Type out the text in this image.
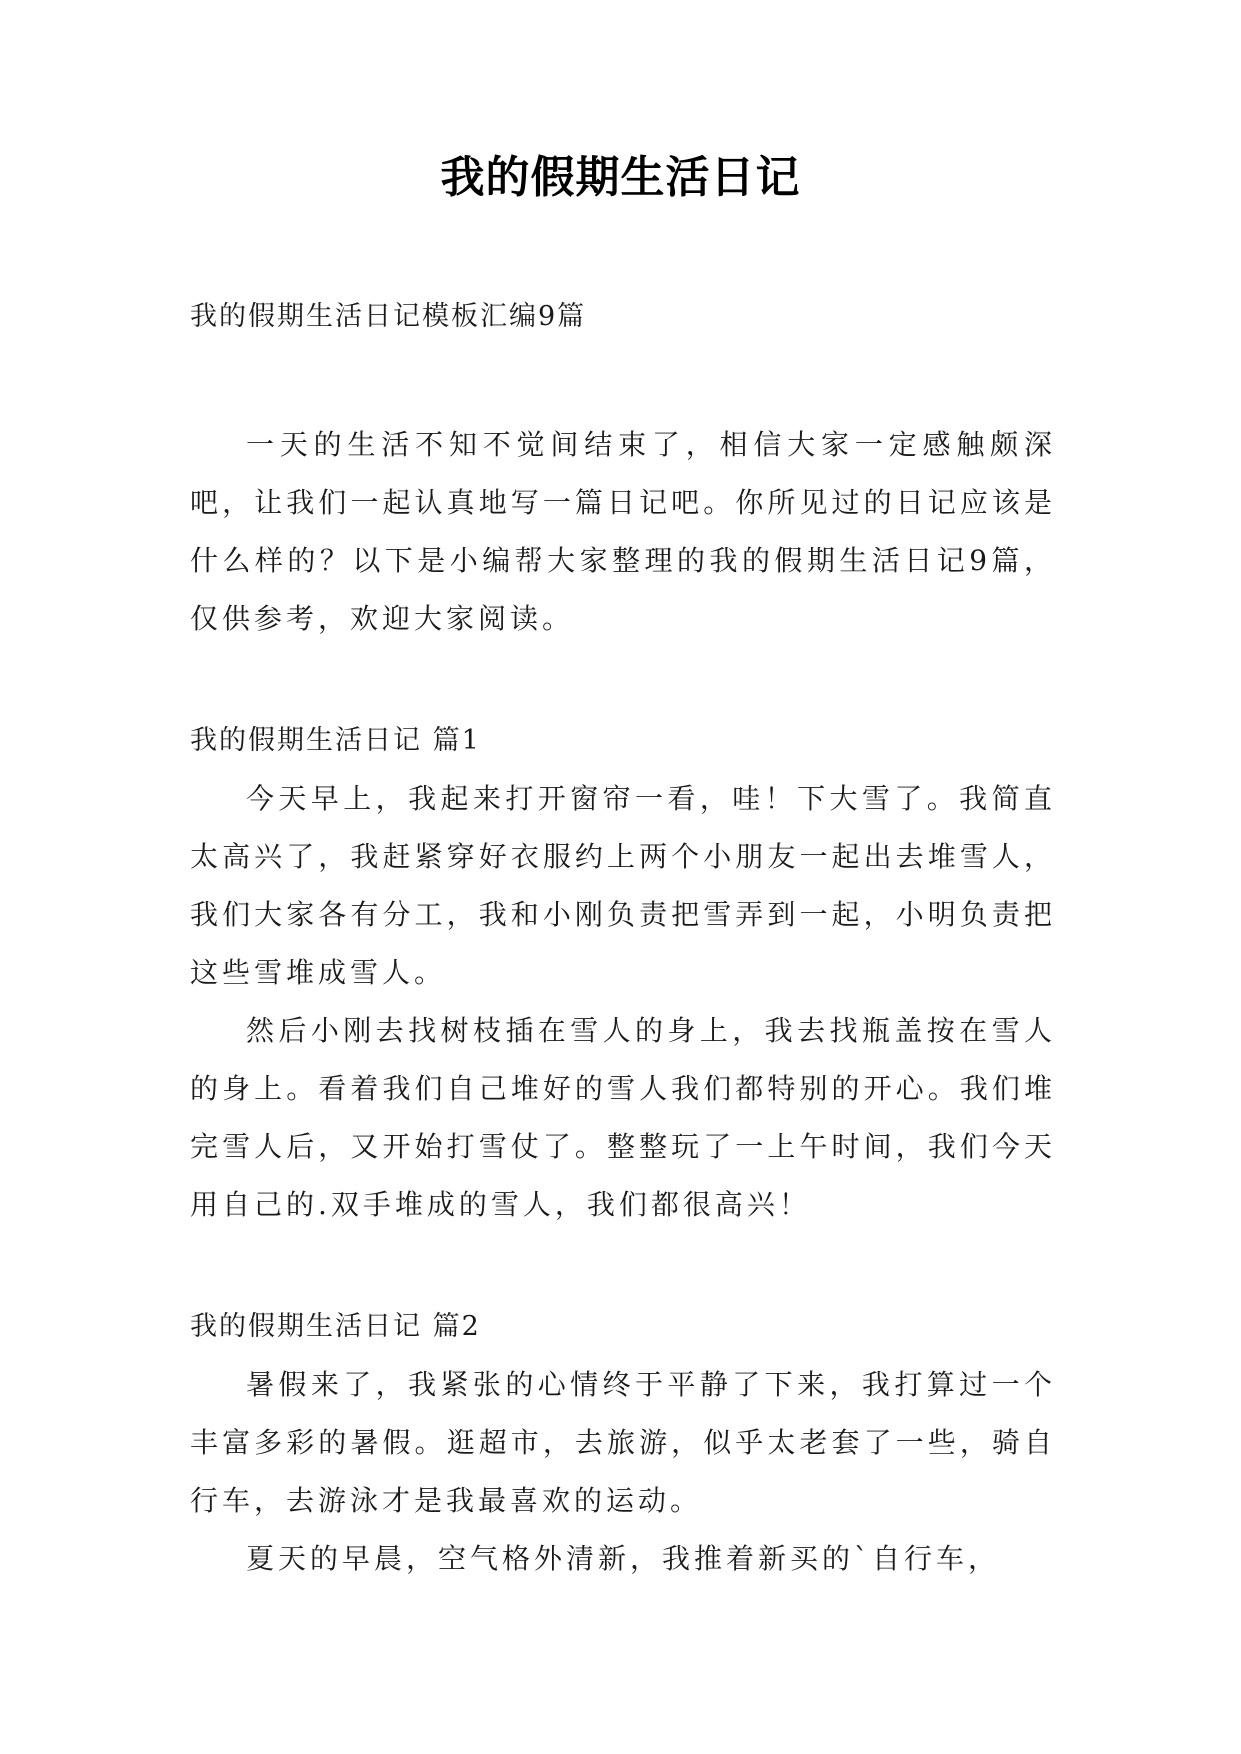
我的假期生活日记

我的假期生活日记模板汇编9篇

一天的生活不知不觉间结束了，相信大家一定感触颇深吧，让我们一起认真地写一篇日记吧。你所见过的日记应该是什么样的？以下是小编帮大家整理的我的假期生活日记9篇，仅供参考，欢迎大家阅读。

我的假期生活日记 篇1

今天早上，我起来打开窗帘一看，哇！下大雪了。我简直太高兴了，我赶紧穿好衣服约上两个小朋友一起出去堆雪人，我们大家各有分工，我和小刚负责把雪弄到一起，小明负责把这些雪堆成雪人。

然后小刚去找树枝插在雪人的身上，我去找瓶盖按在雪人的身上。看着我们自己堆好的雪人我们都特别的开心。我们堆完雪人后，又开始打雪仗了。整整玩了一上午时间，我们今天用自己的.双手堆成的雪人，我们都很高兴！

我的假期生活日记 篇2

暑假来了，我紧张的心情终于平静了下来，我打算过一个丰富多彩的暑假。逛超市，去旅游，似乎太老套了一些，骑自行车，去游泳才是我最喜欢的运动。

夏天的早晨，空气格外清新，我推着新买的`自行车，
